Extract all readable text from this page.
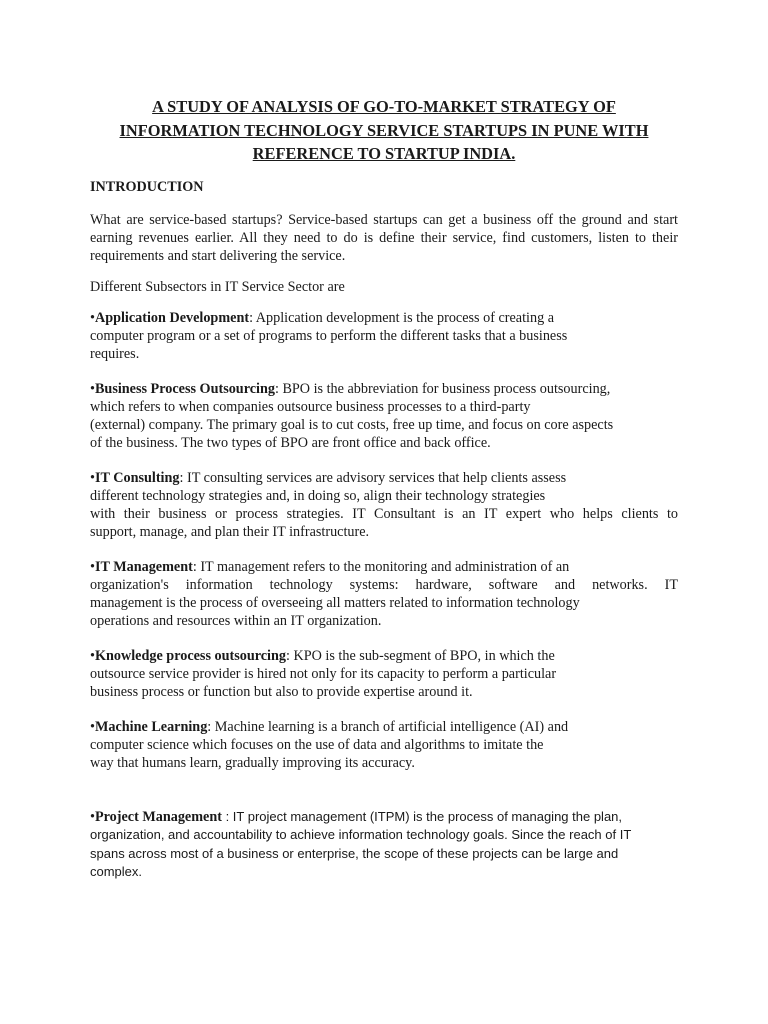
A STUDY OF ANALYSIS OF GO-TO-MARKET STRATEGY OF
INFORMATION TECHNOLOGY SERVICE STARTUPS IN PUNE WITH
REFERENCE TO STARTUP INDIA.
INTRODUCTION

What are service-based startups? Service-based startups can get a business off the ground and start earning revenues earlier. All they need to do is define their service, find customers, listen to their requirements and start delivering the service.

Different Subsectors in IT Service Sector are

•Application Development: Application development is the process of creating a
computer program or a set of programs to perform the different tasks that a business
requires.
•Business Process Outsourcing: BPO is the abbreviation for business process outsourcing,
which refers to when companies outsource business processes to a third-party
(external) company. The primary goal is to cut costs, free up time, and focus on core aspects
of the business. The two types of BPO are front office and back office.
•IT Consulting: IT consulting services are advisory services that help clients assess
different technology strategies and, in doing so, align their technology strategies
with their business or process strategies. IT Consultant is an IT expert who helps clients to
support, manage, and plan their IT infrastructure.
•IT Management: IT management refers to the monitoring and administration of an
organization's information technology systems: hardware, software and networks. IT
management is the process of overseeing all matters related to information technology
operations and resources within an IT organization.
•Knowledge process outsourcing: KPO is the sub-segment of BPO, in which the
outsource service provider is hired not only for its capacity to perform a particular
business process or function but also to provide expertise around it.
•Machine Learning: Machine learning is a branch of artificial intelligence (AI) and
computer science which focuses on the use of data and algorithms to imitate the
way that humans learn, gradually improving its accuracy.
•Project Management : IT project management (ITPM) is the process of managing the plan,
organization, and accountability to achieve information technology goals. Since the reach of IT
spans across most of a business or enterprise, the scope of these projects can be large and
complex.
